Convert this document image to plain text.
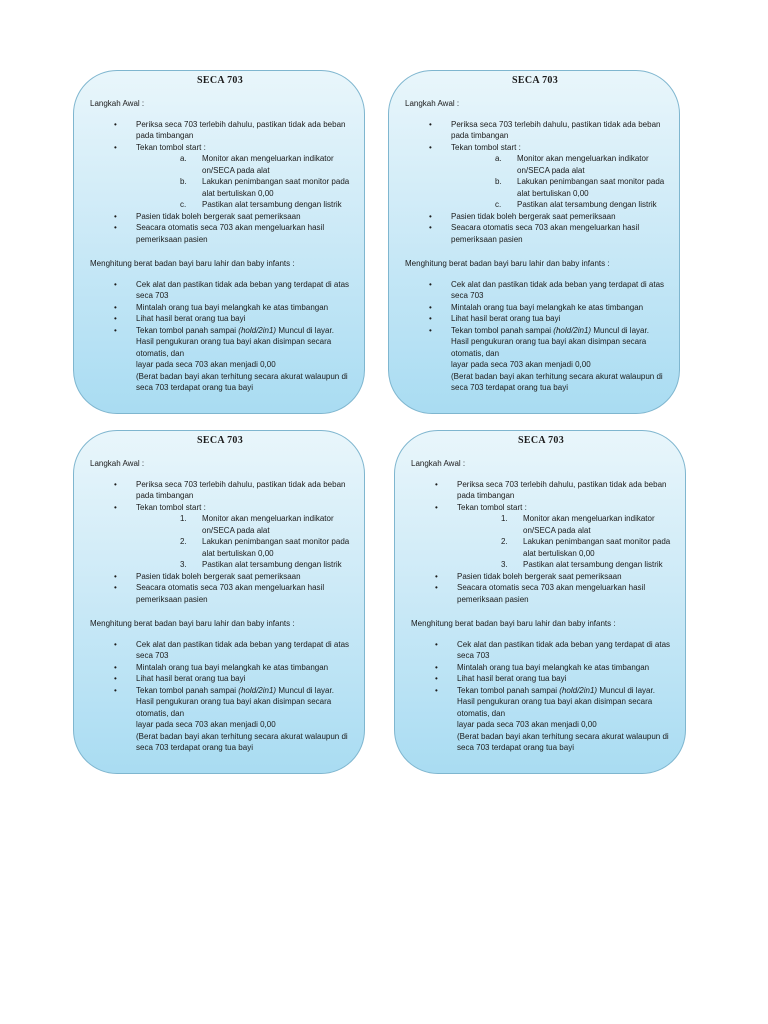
SECA 703
Langkah Awal :
• Periksa seca 703 terlebih dahulu, pastikan tidak ada beban pada timbangan
• Tekan tombol start :
a. Monitor akan mengeluarkan indikator on/SECA pada alat
b. Lakukan penimbangan saat monitor pada alat bertuliskan 0,00
c. Pastikan alat tersambung dengan listrik
• Pasien tidak boleh bergerak saat pemeriksaan
• Seacara otomatis seca 703 akan mengeluarkan hasil pemeriksaan pasien
Menghitung berat badan bayi baru lahir dan baby infants :
• Cek alat dan pastikan tidak ada beban yang terdapat di atas seca 703
• Mintalah orang tua bayi melangkah ke atas timbangan
• Lihat hasil berat orang tua bayi
• Tekan tombol panah sampai (hold/2in1) Muncul di layar.
Hasil pengukuran orang tua bayi akan disimpan secara otomatis, dan
layar pada seca 703 akan menjadi 0,00
(Berat badan bayi akan terhitung secara akurat walaupun di seca 703 terdapat orang tua bayi
SECA 703
Langkah Awal :
• Periksa seca 703 terlebih dahulu, pastikan tidak ada beban pada timbangan
• Tekan tombol start :
a. Monitor akan mengeluarkan indikator on/SECA pada alat
b. Lakukan penimbangan saat monitor pada alat bertuliskan 0,00
c. Pastikan alat tersambung dengan listrik
• Pasien tidak boleh bergerak saat pemeriksaan
• Seacara otomatis seca 703 akan mengeluarkan hasil pemeriksaan pasien
Menghitung berat badan bayi baru lahir dan baby infants :
• Cek alat dan pastikan tidak ada beban yang terdapat di atas seca 703
• Mintalah orang tua bayi melangkah ke atas timbangan
• Lihat hasil berat orang tua bayi
• Tekan tombol panah sampai (hold/2in1) Muncul di layar.
Hasil pengukuran orang tua bayi akan disimpan secara otomatis, dan
layar pada seca 703 akan menjadi 0,00
(Berat badan bayi akan terhitung secara akurat walaupun di seca 703 terdapat orang tua bayi
SECA 703
Langkah Awal :
• Periksa seca 703 terlebih dahulu, pastikan tidak ada beban pada timbangan
• Tekan tombol start :
1. Monitor akan mengeluarkan indikator on/SECA pada alat
2. Lakukan penimbangan saat monitor pada alat bertuliskan 0,00
3. Pastikan alat tersambung dengan listrik
• Pasien tidak boleh bergerak saat pemeriksaan
• Seacara otomatis seca 703 akan mengeluarkan hasil pemeriksaan pasien
Menghitung berat badan bayi baru lahir dan baby infants :
• Cek alat dan pastikan tidak ada beban yang terdapat di atas seca 703
• Mintalah orang tua bayi melangkah ke atas timbangan
• Lihat hasil berat orang tua bayi
• Tekan tombol panah sampai (hold/2in1) Muncul di layar.
Hasil pengukuran orang tua bayi akan disimpan secara otomatis, dan
layar pada seca 703 akan menjadi 0,00
(Berat badan bayi akan terhitung secara akurat walaupun di seca 703 terdapat orang tua bayi
SECA 703
Langkah Awal :
• Periksa seca 703 terlebih dahulu, pastikan tidak ada beban pada timbangan
• Tekan tombol start :
1. Monitor akan mengeluarkan indikator on/SECA pada alat
2. Lakukan penimbangan saat monitor pada alat bertuliskan 0,00
3. Pastikan alat tersambung dengan listrik
• Pasien tidak boleh bergerak saat pemeriksaan
• Seacara otomatis seca 703 akan mengeluarkan hasil pemeriksaan pasien
Menghitung berat badan bayi baru lahir dan baby infants :
• Cek alat dan pastikan tidak ada beban yang terdapat di atas seca 703
• Mintalah orang tua bayi melangkah ke atas timbangan
• Lihat hasil berat orang tua bayi
• Tekan tombol panah sampai (hold/2in1) Muncul di layar.
Hasil pengukuran orang tua bayi akan disimpan secara otomatis, dan
layar pada seca 703 akan menjadi 0,00
(Berat badan bayi akan terhitung secara akurat walaupun di seca 703 terdapat orang tua bayi
